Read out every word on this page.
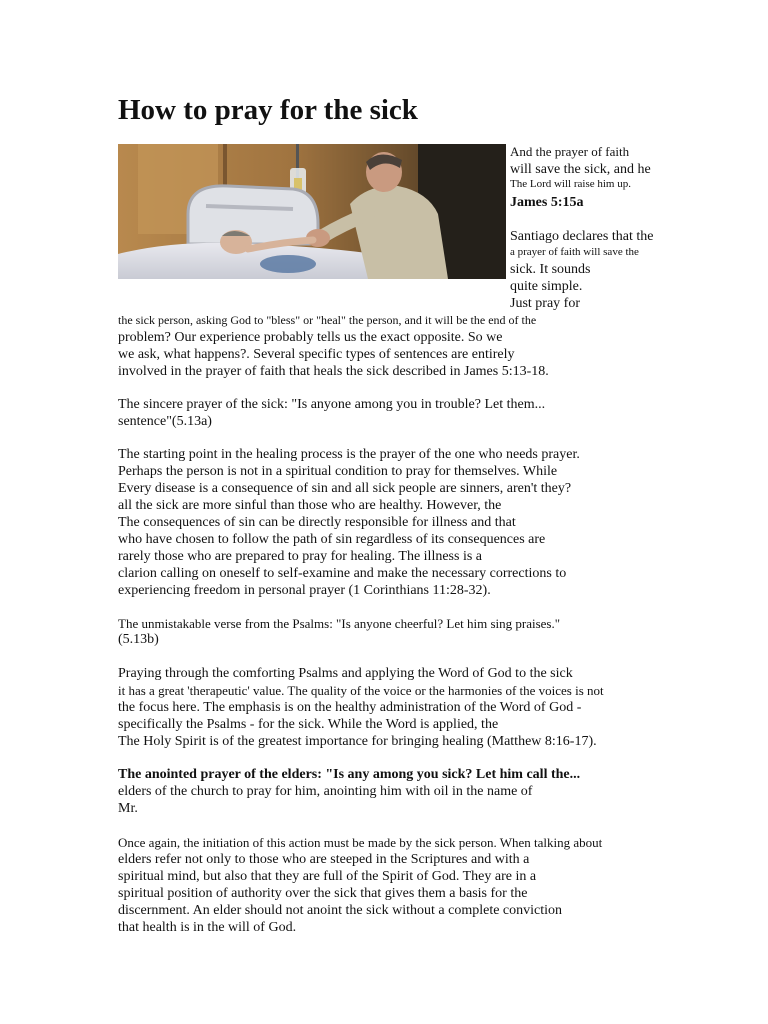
How to pray for the sick

And the prayer of faith

will save the sick, and he

The Lord will raise him up.

James 5:15a

Santiago declares that the

a prayer of faith will save the

sick. It sounds

quite simple.

Just pray for

the sick person, asking God to "bless" or "heal" the person, and it will be the end of the

problem? Our experience probably tells us the exact opposite. So we

we ask, what happens?. Several specific types of sentences are entirely

involved in the prayer of faith that heals the sick described in James 5:13-18.

The sincere prayer of the sick: "Is anyone among you in trouble? Let them...

sentence"(5.13a)

The starting point in the healing process is the prayer of the one who needs prayer.

Perhaps the person is not in a spiritual condition to pray for themselves. While

Every disease is a consequence of sin and all sick people are sinners, aren't they?

all the sick are more sinful than those who are healthy. However, the

The consequences of sin can be directly responsible for illness and that

who have chosen to follow the path of sin regardless of its consequences are

rarely those who are prepared to pray for healing. The illness is a

clarion calling on oneself to self-examine and make the necessary corrections to

experiencing freedom in personal prayer (1 Corinthians 11:28-32).

The unmistakable verse from the Psalms: "Is anyone cheerful? Let him sing praises."

(5.13b)

Praying through the comforting Psalms and applying the Word of God to the sick

it has a great 'therapeutic' value. The quality of the voice or the harmonies of the voices is not

the focus here. The emphasis is on the healthy administration of the Word of God -

specifically the Psalms - for the sick. While the Word is applied, the

The Holy Spirit is of the greatest importance for bringing healing (Matthew 8:16-17).

The anointed prayer of the elders: "Is any among you sick? Let him call the...

elders of the church to pray for him, anointing him with oil in the name of

Mr.

Once again, the initiation of this action must be made by the sick person. When talking about

elders refer not only to those who are steeped in the Scriptures and with a

spiritual mind, but also that they are full of the Spirit of God. They are in a

spiritual position of authority over the sick that gives them a basis for the

discernment. An elder should not anoint the sick without a complete conviction

that health is in the will of God.
